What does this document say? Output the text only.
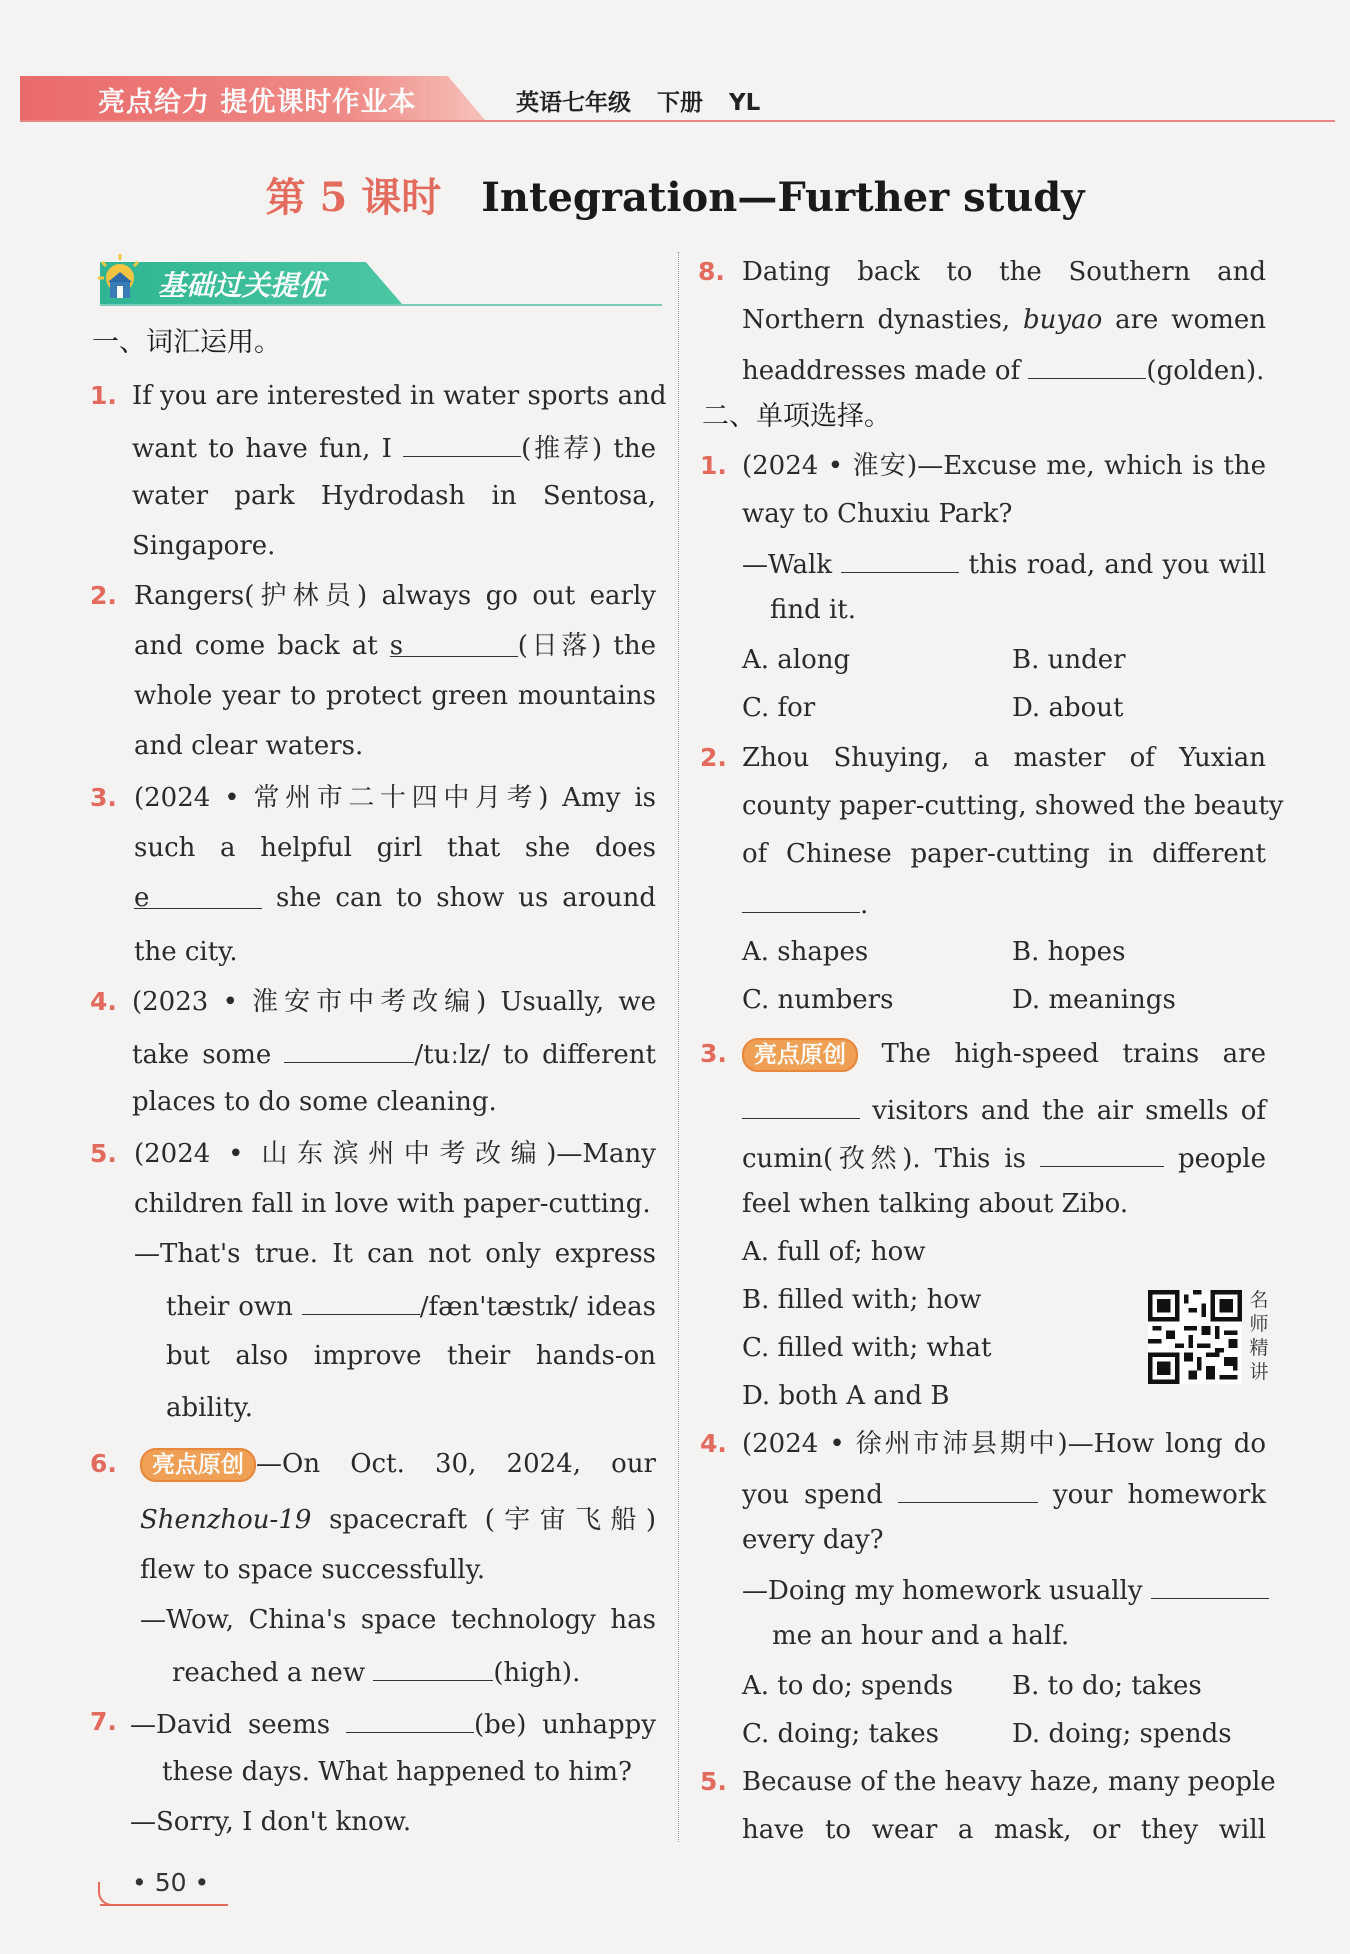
亮点给力 提优课时作业本	英语七年级 下册 YL
第 5 课时 Integration—Further study
基础过关提优
一、词汇运用。
1. If you are interested in water sports and
want to have fun, I	(推荐) the
water park Hydrodash in Sentosa,
Singapore.
2. Rangers(护林员) always go out early
and come back at s	(日落) the
whole year to protect green mountains
and clear waters.
3. (2024 • 常州市二十四中月考) Amy is
such a helpful girl that she does
e	she can to show us around
the city.
4. (2023 • 淮安市中考改编) Usually, we
take some	/tuːlz/ to different
places to do some cleaning.
5. (2024 • 山东滨州中考改编)—Many
children fall in love with paper-cutting.
—That's true. It can not only express
their own	/fæn'tæstɪk/ ideas
but also improve their hands-on
ability.
6.	亮点原创 —On Oct. 30, 2024, our
Shenzhou-19 spacecraft (宇宙飞船)
flew to space successfully.
—Wow, China's space technology has
reached a new	(high).
7. —David seems	(be) unhappy
these days. What happened to him?
—Sorry, I don't know.
8. Dating back to the Southern and
Northern dynasties, buyao are women
headdresses made of	(golden).
二、单项选择。
1. (2024 • 淮安)—Excuse me, which is the
way to Chuxiu Park?
—Walk	this road, and you will
find it.
A. along	B. under
C. for	D. about
2. Zhou Shuying, a master of Yuxian
county paper-cutting, showed the beauty
of Chinese paper-cutting in different
.
A. shapes	B. hopes
C. numbers	D. meanings
3.	亮点原创 The high-speed trains are
visitors and the air smells of
cumin(孜然). This is	people
feel when talking about Zibo.
A. full of; how
B. filled with; how
C. filled with; what
D. both A and B
名
师
精
讲
4. (2024 • 徐州市沛县期中)—How long do
you spend	your homework
every day?
—Doing my homework usually
me an hour and a half.
A. to do; spends B. to do; takes
C. doing; takes	D. doing; spends
5. Because of the heavy haze, many people
have to wear a mask, or they will
• 50 •
